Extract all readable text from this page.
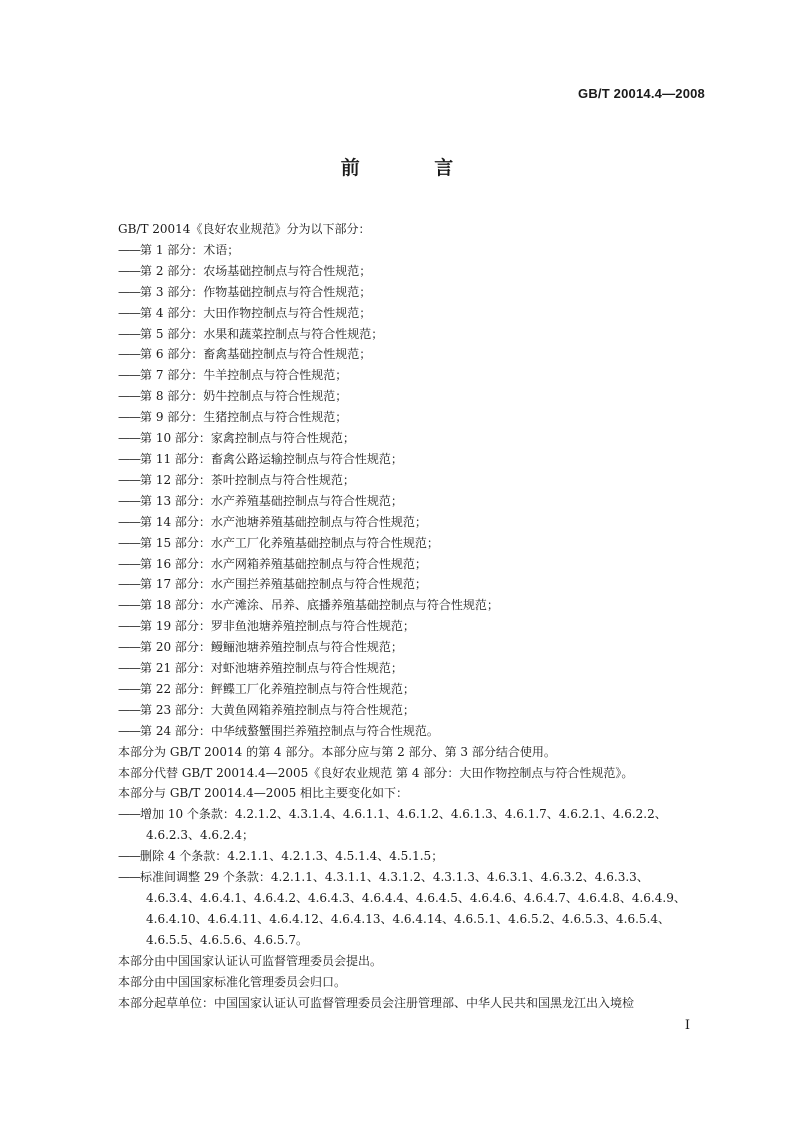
GB/T 20014.4—2008
前 言
GB/T 20014《良好农业规范》分为以下部分：
——第 1 部分：术语；
——第 2 部分：农场基础控制点与符合性规范；
——第 3 部分：作物基础控制点与符合性规范；
——第 4 部分：大田作物控制点与符合性规范；
——第 5 部分：水果和蔬菜控制点与符合性规范；
——第 6 部分：畜禽基础控制点与符合性规范；
——第 7 部分：牛羊控制点与符合性规范；
——第 8 部分：奶牛控制点与符合性规范；
——第 9 部分：生猪控制点与符合性规范；
——第 10 部分：家禽控制点与符合性规范；
——第 11 部分：畜禽公路运输控制点与符合性规范；
——第 12 部分：茶叶控制点与符合性规范；
——第 13 部分：水产养殖基础控制点与符合性规范；
——第 14 部分：水产池塘养殖基础控制点与符合性规范；
——第 15 部分：水产工厂化养殖基础控制点与符合性规范；
——第 16 部分：水产网箱养殖基础控制点与符合性规范；
——第 17 部分：水产围拦养殖基础控制点与符合性规范；
——第 18 部分：水产滩涂、吊养、底播养殖基础控制点与符合性规范；
——第 19 部分：罗非鱼池塘养殖控制点与符合性规范；
——第 20 部分：鳗鲡池塘养殖控制点与符合性规范；
——第 21 部分：对虾池塘养殖控制点与符合性规范；
——第 22 部分：鲆鲽工厂化养殖控制点与符合性规范；
——第 23 部分：大黄鱼网箱养殖控制点与符合性规范；
——第 24 部分：中华绒螯蟹围拦养殖控制点与符合性规范。
本部分为 GB/T 20014 的第 4 部分。本部分应与第 2 部分、第 3 部分结合使用。
本部分代替 GB/T 20014.4—2005《良好农业规范 第 4 部分：大田作物控制点与符合性规范》。
本部分与 GB/T 20014.4—2005 相比主要变化如下：
——增加 10 个条款：4.2.1.2、4.3.1.4、4.6.1.1、4.6.1.2、4.6.1.3、4.6.1.7、4.6.2.1、4.6.2.2、
4.6.2.3、4.6.2.4；
——删除 4 个条款：4.2.1.1、4.2.1.3、4.5.1.4、4.5.1.5；
——标准间调整 29 个条款：4.2.1.1、4.3.1.1、4.3.1.2、4.3.1.3、4.6.3.1、4.6.3.2、4.6.3.3、
4.6.3.4、4.6.4.1、4.6.4.2、4.6.4.3、4.6.4.4、4.6.4.5、4.6.4.6、4.6.4.7、4.6.4.8、4.6.4.9、
4.6.4.10、4.6.4.11、4.6.4.12、4.6.4.13、4.6.4.14、4.6.5.1、4.6.5.2、4.6.5.3、4.6.5.4、
4.6.5.5、4.6.5.6、4.6.5.7。
本部分由中国国家认证认可监督管理委员会提出。
本部分由中国国家标准化管理委员会归口。
本部分起草单位：中国国家认证认可监督管理委员会注册管理部、中华人民共和国黑龙江出入境检
I
